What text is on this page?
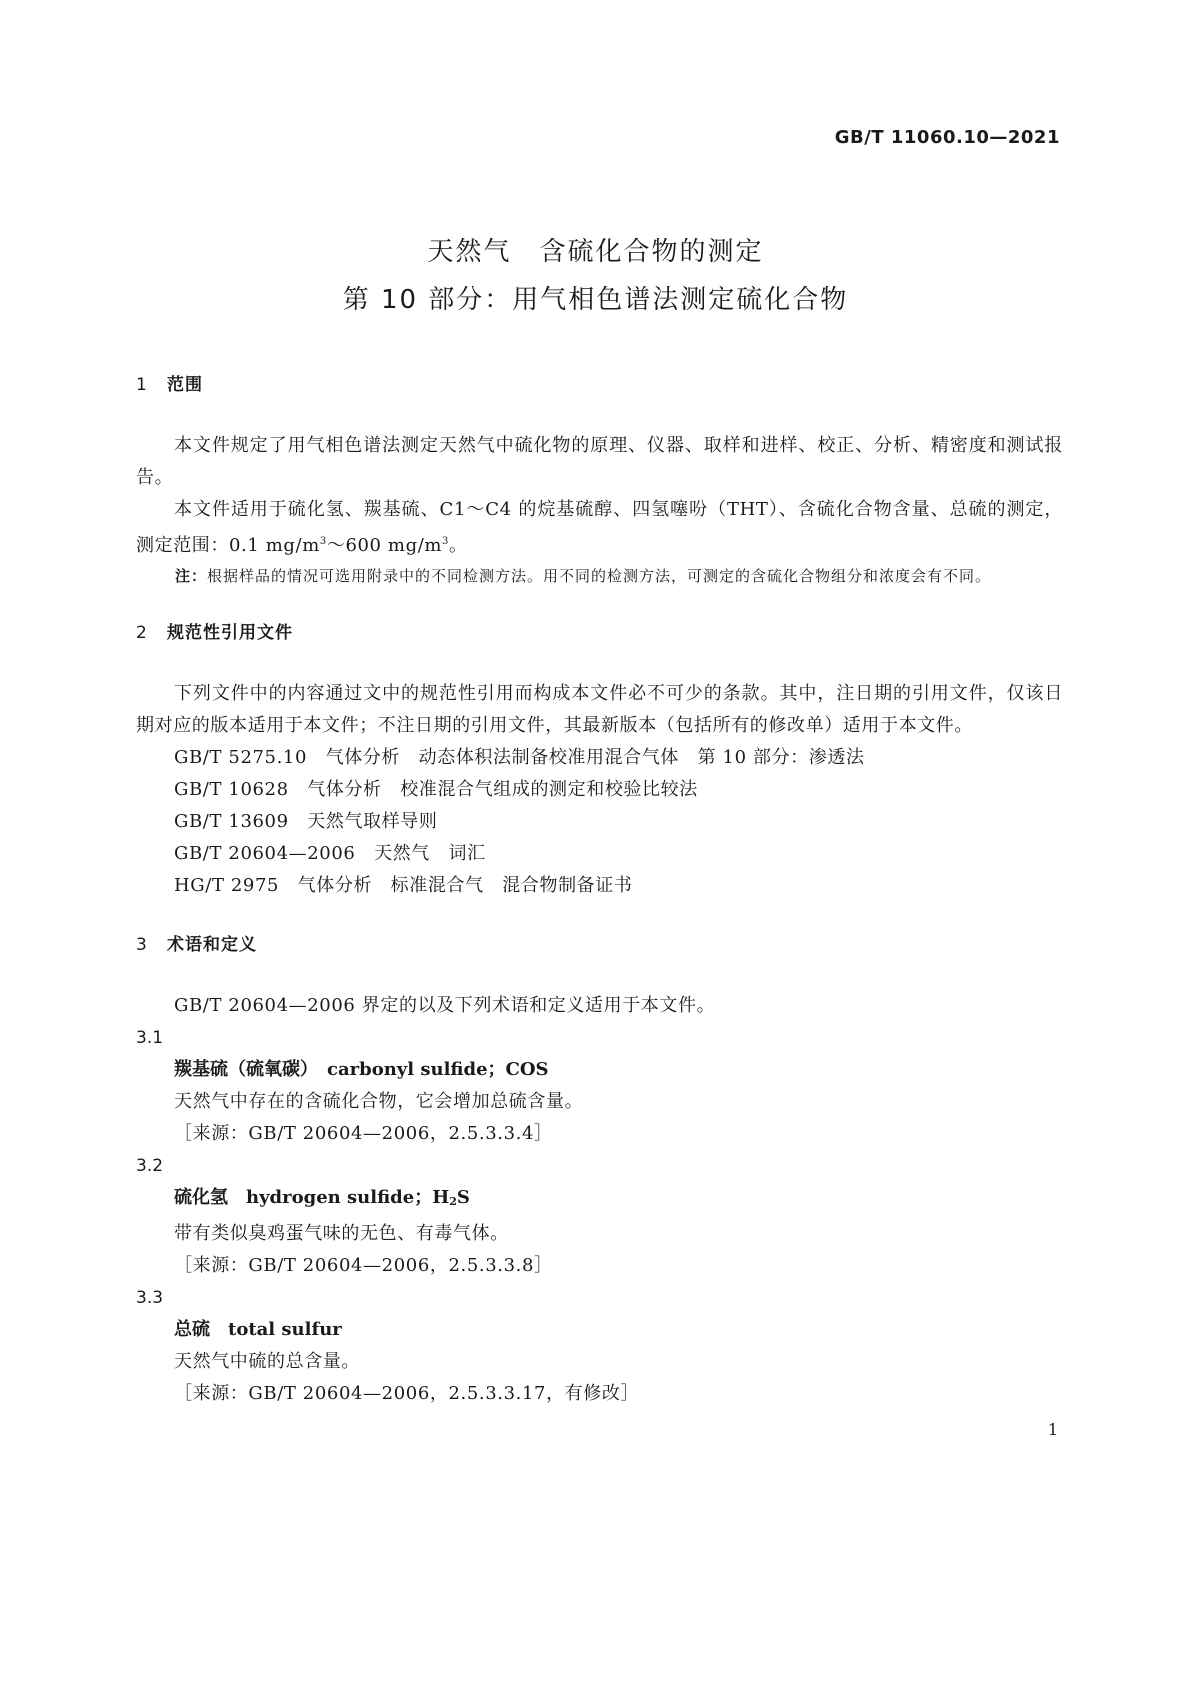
GB/T 11060.10—2021
天然气　含硫化合物的测定
第 10 部分：用气相色谱法测定硫化合物
1 范围
本文件规定了用气相色谱法测定天然气中硫化物的原理、仪器、取样和进样、校正、分析、精密度和测试报告。
本文件适用于硫化氢、羰基硫、C1～C4 的烷基硫醇、四氢噻吩（THT）、含硫化合物含量、总硫的测定，测定范围：0.1 $mg/m^3\sim 600$ $mg/m^3$。
注：根据样品的情况可选用附录中的不同检测方法。用不同的检测方法，可测定的含硫化合物组分和浓度会有不同。
2 规范性引用文件
下列文件中的内容通过文中的规范性引用而构成本文件必不可少的条款。其中，注日期的引用文件，仅该日期对应的版本适用于本文件；不注日期的引用文件，其最新版本（包括所有的修改单）适用于本文件。
GB/T 5275.10　气体分析　动态体积法制备校准用混合气体　第 10 部分：渗透法
GB/T 10628　气体分析　校准混合气组成的测定和校验比较法
GB/T 13609　天然气取样导则
GB/T 20604—2006　天然气　词汇
HG/T 2975　气体分析　标准混合气　混合物制备证书
3 术语和定义
GB/T 20604—2006 界定的以及下列术语和定义适用于本文件。
3.1
羰基硫（硫氧碳）　carbonyl sulfide；COS
天然气中存在的含硫化合物，它会增加总硫含量。
［来源：GB/T 20604—2006，2.5.3.3.4］
3.2
硫化氢　hydrogen sulfide；$H_2S$
带有类似臭鸡蛋气味的无色、有毒气体。
［来源：GB/T 20604—2006，2.5.3.3.8］
3.3
总硫　total sulfur
天然气中硫的总含量。
［来源：GB/T 20604—2006，2.5.3.3.17，有修改］
1
